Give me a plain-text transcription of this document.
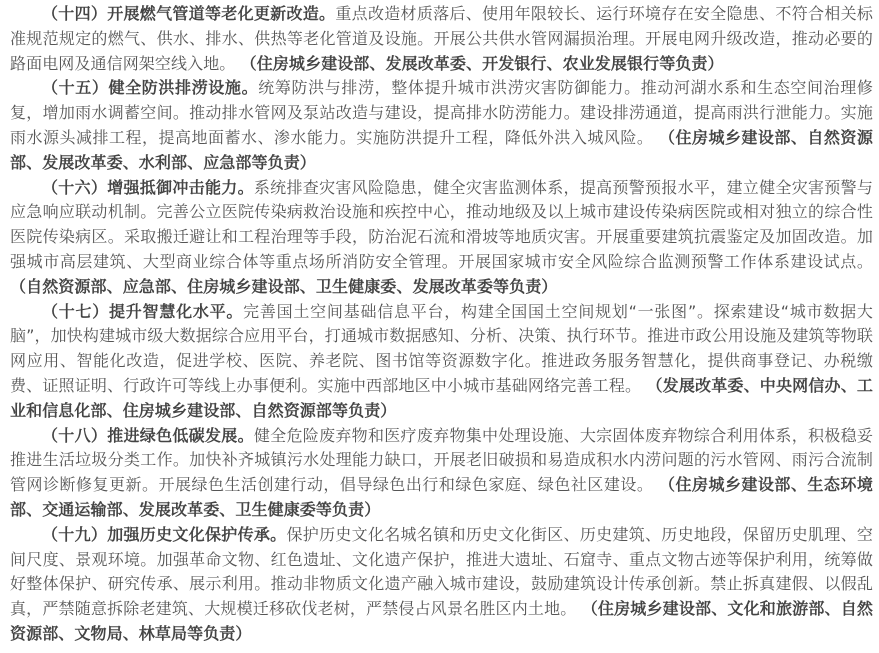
（十四）开展燃气管道等老化更新改造。重点改造材质落后、使用年限较长、运行环境存在安全隐患、不符合相关标准规范规定的燃气、供水、排水、供热等老化管道及设施。开展公共供水管网漏损治理。开展电网升级改造，推动必要的路面电网及通信网架空线入地。 （住房城乡建设部、发展改革委、开发银行、农业发展银行等负责）

（十五）健全防洪排涝设施。统筹防洪与排涝，整体提升城市洪涝灾害防御能力。推动河湖水系和生态空间治理修复，增加雨水调蓄空间。推动排水管网及泵站改造与建设，提高排水防涝能力。建设排涝通道，提高雨洪行泄能力。实施雨水源头减排工程，提高地面蓄水、渗水能力。实施防洪提升工程，降低外洪入城风险。 （住房城乡建设部、自然资源部、发展改革委、水利部、应急部等负责）

（十六）增强抵御冲击能力。系统排查灾害风险隐患，健全灾害监测体系，提高预警预报水平，建立健全灾害预警与应急响应联动机制。完善公立医院传染病救治设施和疾控中心，推动地级及以上城市建设传染病医院或相对独立的综合性医院传染病区。采取搬迁避让和工程治理等手段，防治泥石流和滑坡等地质灾害。开展重要建筑抗震鉴定及加固改造。加强城市高层建筑、大型商业综合体等重点场所消防安全管理。开展国家城市安全风险综合监测预警工作体系建设试点。 （自然资源部、应急部、住房城乡建设部、卫生健康委、发展改革委等负责）

（十七）提升智慧化水平。完善国土空间基础信息平台，构建全国国土空间规划“一张图”。探索建设“城市数据大脑”，加快构建城市级大数据综合应用平台，打通城市数据感知、分析、决策、执行环节。推进市政公用设施及建筑等物联网应用、智能化改造，促进学校、医院、养老院、图书馆等资源数字化。推进政务服务智慧化，提供商事登记、办税缴费、证照证明、行政许可等线上办事便利。实施中西部地区中小城市基础网络完善工程。 （发展改革委、中央网信办、工业和信息化部、住房城乡建设部、自然资源部等负责）

（十八）推进绿色低碳发展。健全危险废弃物和医疗废弃物集中处理设施、大宗固体废弃物综合利用体系，积极稳妥推进生活垃圾分类工作。加快补齐城镇污水处理能力缺口，开展老旧破损和易造成积水内涝问题的污水管网、雨污合流制管网诊断修复更新。开展绿色生活创建行动，倡导绿色出行和绿色家庭、绿色社区建设。 （住房城乡建设部、生态环境部、交通运输部、发展改革委、卫生健康委等负责）

（十九）加强历史文化保护传承。保护历史文化名城名镇和历史文化街区、历史建筑、历史地段，保留历史肌理、空间尺度、景观环境。加强革命文物、红色遗址、文化遗产保护，推进大遗址、石窟寺、重点文物古迹等保护利用，统筹做好整体保护、研究传承、展示利用。推动非物质文化遗产融入城市建设，鼓励建筑设计传承创新。禁止拆真建假、以假乱真，严禁随意拆除老建筑、大规模迁移砍伐老树，严禁侵占风景名胜区内土地。 （住房城乡建设部、文化和旅游部、自然资源部、文物局、林草局等负责）
